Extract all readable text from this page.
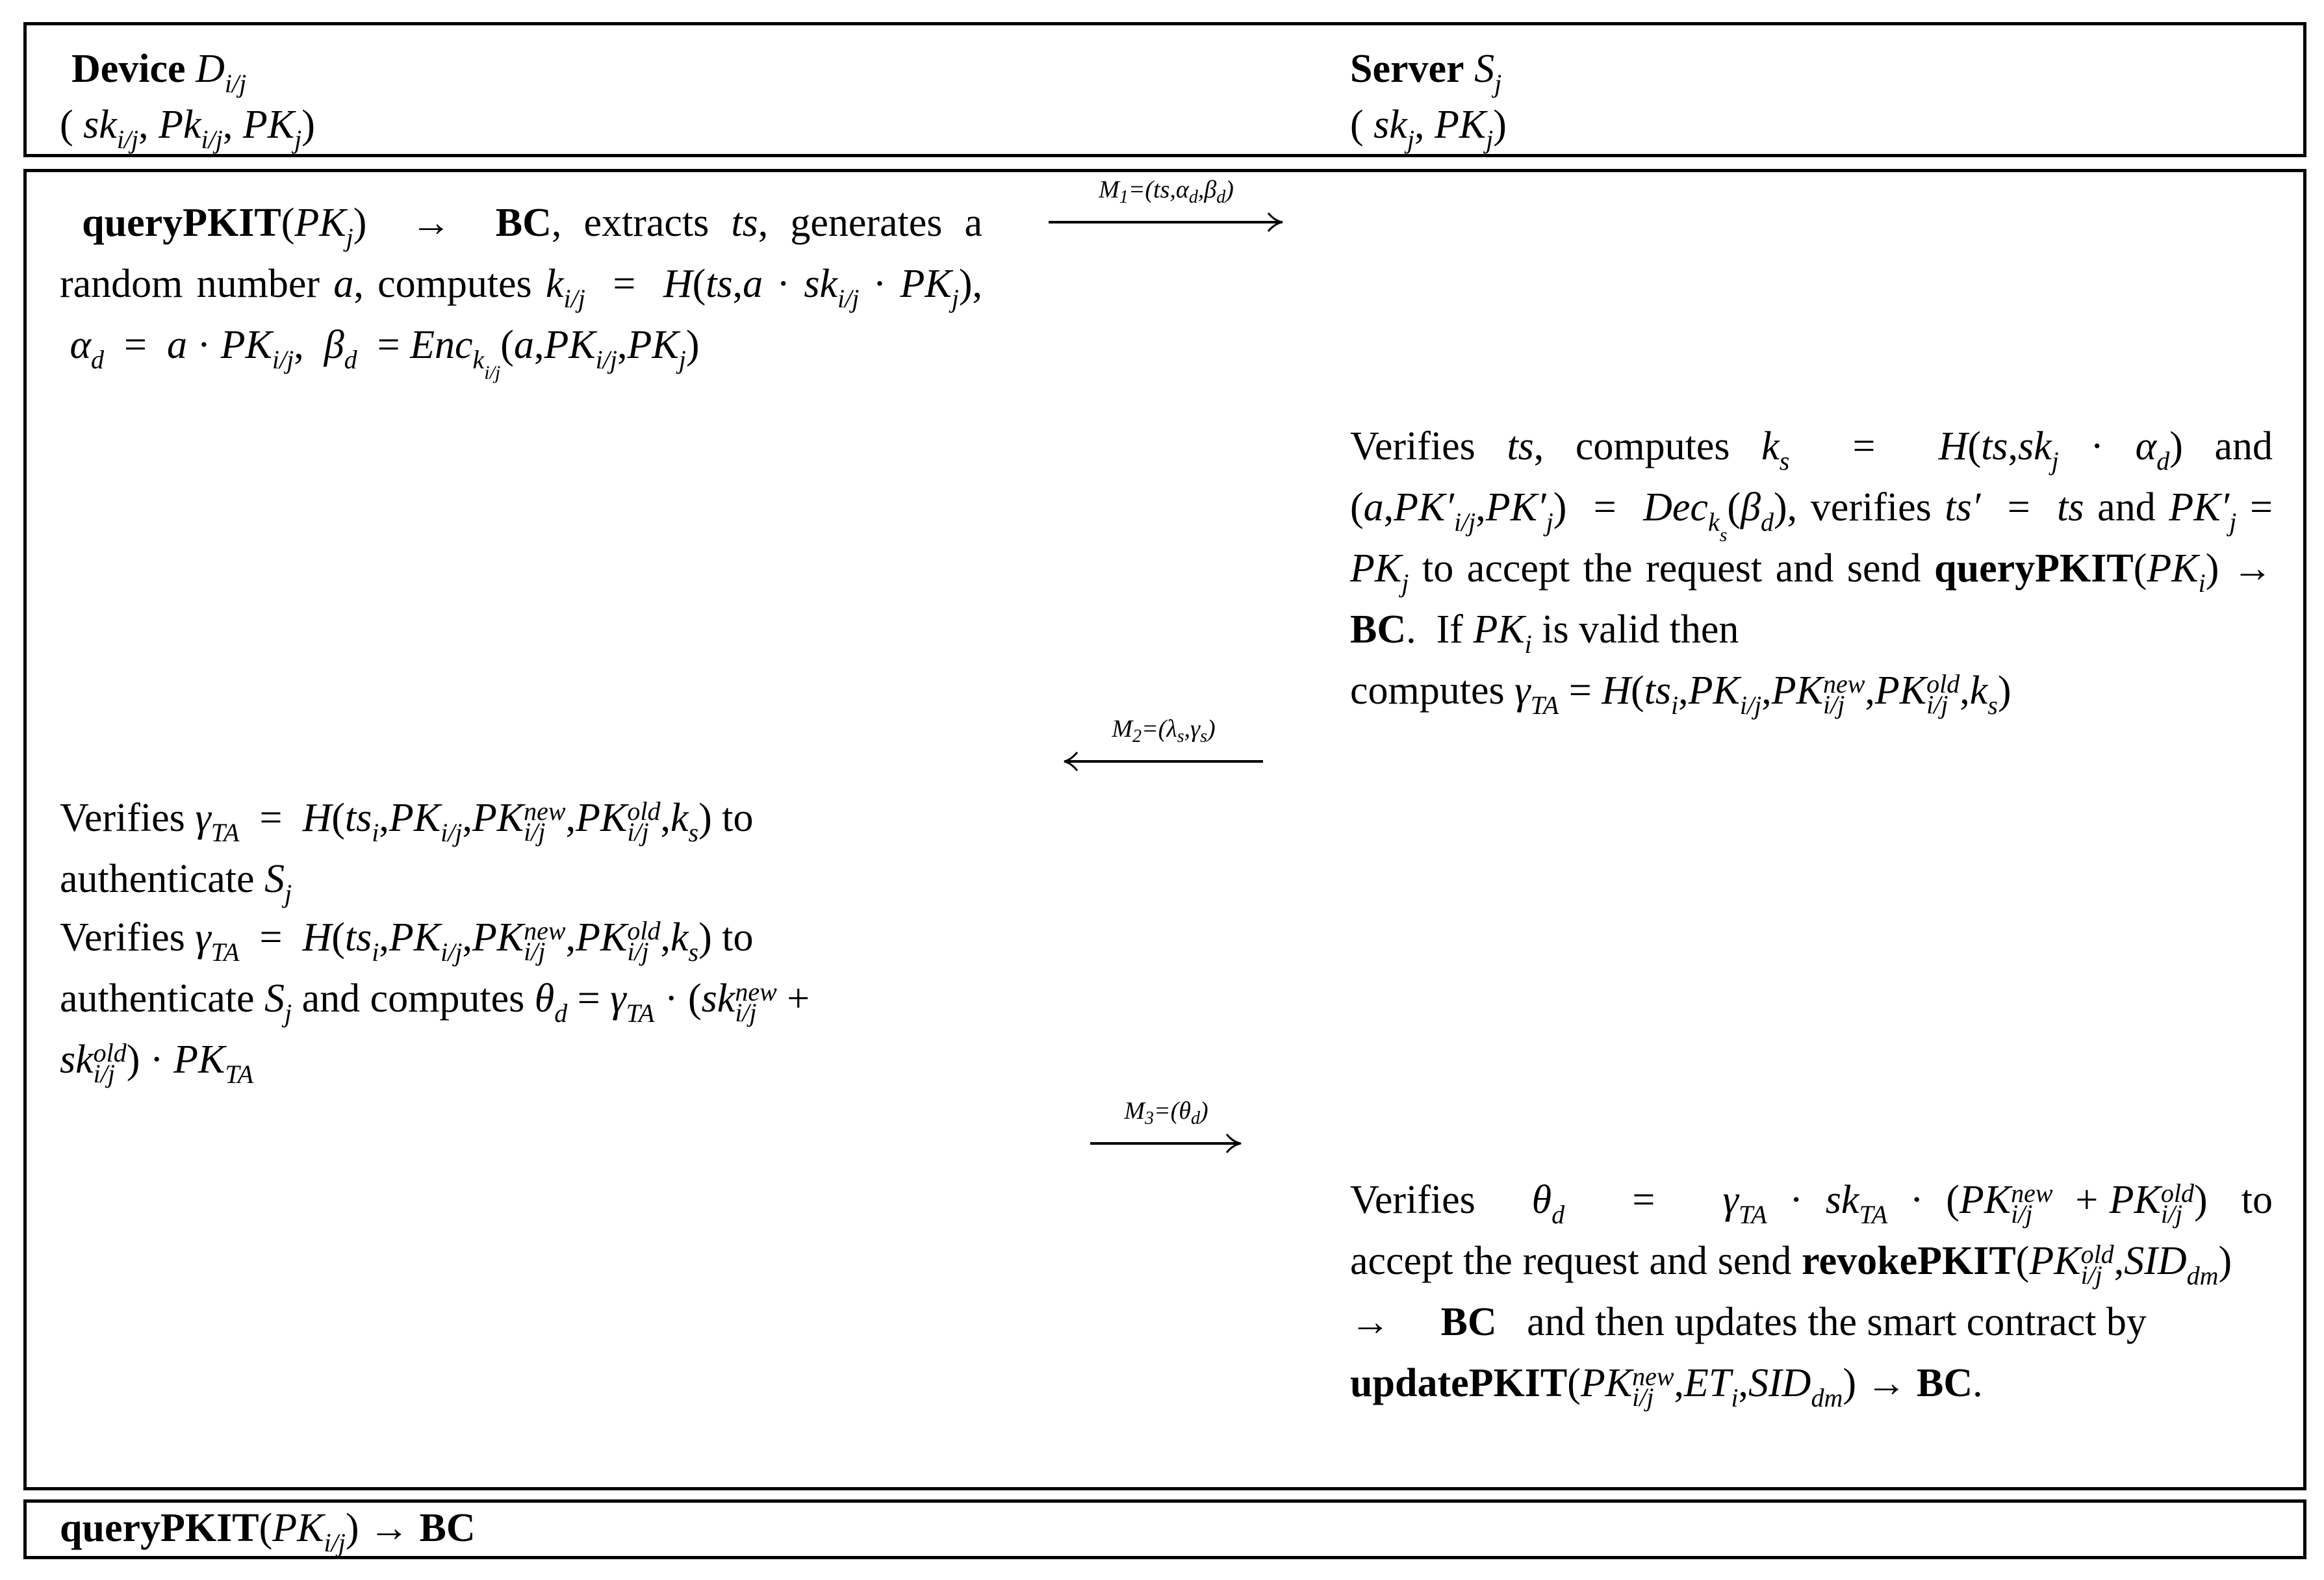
Device $D_{i/j}$
( $sk_{i/j}$, $Pk_{i/j}$, $PK_j$)
Server $S_j$
( $sk_j$, $PK_j$)
$queryPKIT(PK_j)$  →  BC, extracts ts, generates a random number a, computes $k_{i/j} = H(ts,a \cdot sk_{i/j} \cdot PK_j)$,  $\alpha_d = a \cdot PK_{i/j}$,  $\beta_d = Enc_{k_{i/j}}(a,PK_{i/j},PK_j)$
$M_1=(ts,\alpha_d,\beta_d)$
Verifies ts, computes $k_s = H(ts,sk_j \cdot \alpha_d)$ and $(a,PK'_{i/j},PK'_j) = Dec_{k_s}(\beta_d)$, verifies ts′  =  ts and $PK'_j = PK_j$ to accept the request and send $queryPKIT(PK_i)$ → BC.  If $PK_i$ is valid then
computes $\gamma_{TA} = H(ts_i,PK_{i/j},PK$ new
i/j ,PK old
i/j $,k_s$)
$M_2=(\lambda_s,\gamma_s)$
Verifies $\gamma_{TA} = H(ts_i,PK_{i/j},PK$ new
i/j ,PK old
i/j $,k_s$) to
authenticate $S_j$
Verifies $\gamma_{TA} = H(ts_i,PK_{i/j},PK$ new
i/j ,PK old
i/j $,k_s$) to
authenticate $S_j$ and computes $\theta_d = \gamma_{TA} \cdot (sk$ new
i/j +
sk old
i/j ) · $PK_{TA}$
$M_3=(\theta_d)$
Verifies     $\theta_d$      =      $\gamma_{TA} \cdot sk_{TA} \cdot (PK$ new
i/j + PK old
i/j )   to accept the request and send revokePKIT(PK old
i/j $,SID_{dm}$)     →     BC   and then updates the smart contract by
updatePKIT(PK new
i/j $,ET_i,SID_{dm}$) → BC.
$queryPKIT(PK_{i/j})$ → BC
